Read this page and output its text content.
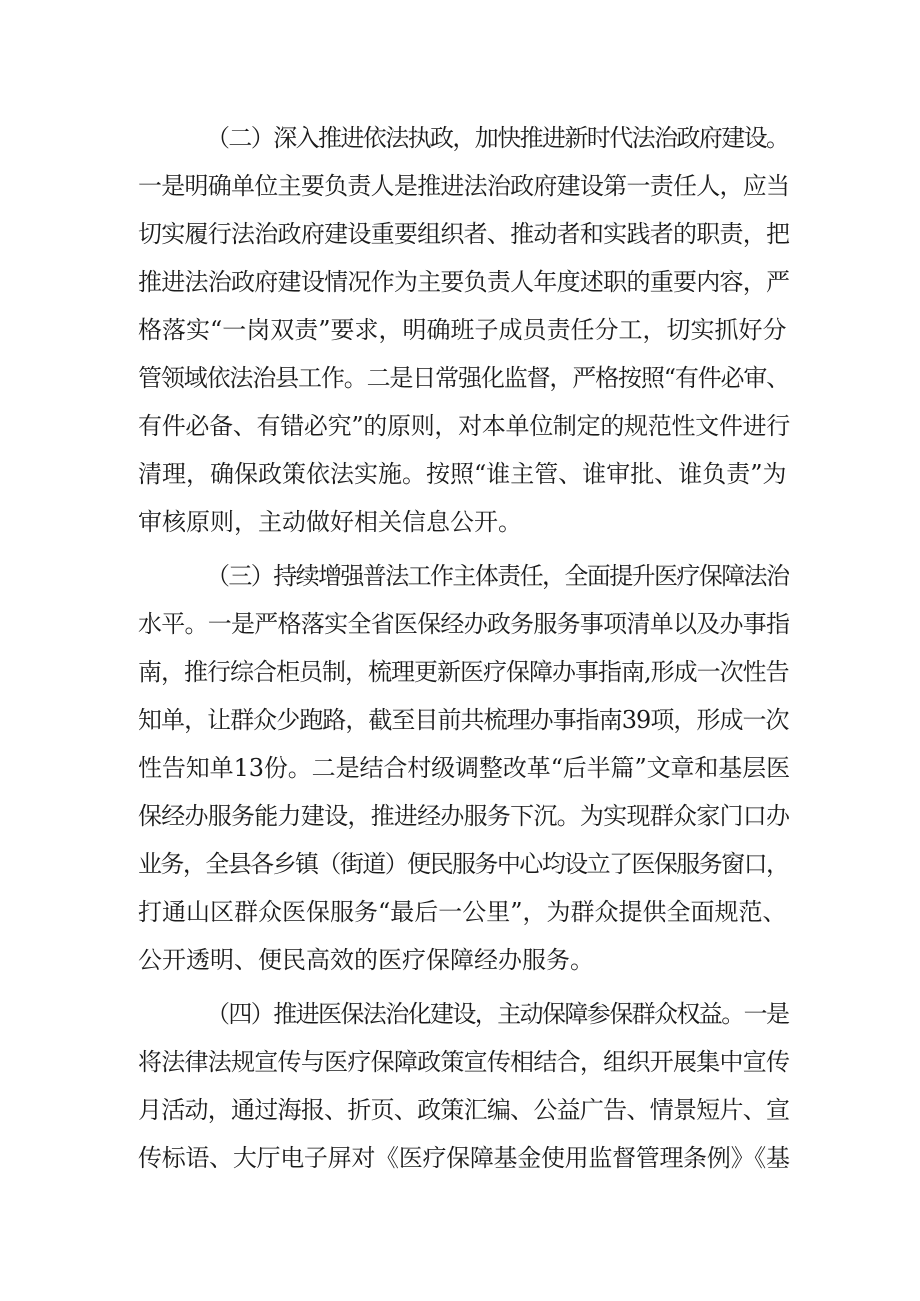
（二）深入推进依法执政，加快推进新时代法治政府建设。
一是明确单位主要负责人是推进法治政府建设第一责任人，应当
切实履行法治政府建设重要组织者、推动者和实践者的职责，把
推进法治政府建设情况作为主要负责人年度述职的重要内容，严
格落实“一岗双责”要求，明确班子成员责任分工，切实抓好分
管领域依法治县工作。二是日常强化监督，严格按照“有件必审、
有件必备、有错必究”的原则，对本单位制定的规范性文件进行
清理，确保政策依法实施。按照“谁主管、谁审批、谁负责”为
审核原则，主动做好相关信息公开。
（三）持续增强普法工作主体责任，全面提升医疗保障法治
水平。一是严格落实全省医保经办政务服务事项清单以及办事指
南，推行综合柜员制，梳理更新医疗保障办事指南,形成一次性告
知单，让群众少跑路，截至目前共梳理办事指南39项，形成一次
性告知单13份。二是结合村级调整改革“后半篇”文章和基层医
保经办服务能力建设，推进经办服务下沉。为实现群众家门口办
业务，全县各乡镇（街道）便民服务中心均设立了医保服务窗口，
打通山区群众医保服务“最后一公里”，为群众提供全面规范、
公开透明、便民高效的医疗保障经办服务。
（四）推进医保法治化建设，主动保障参保群众权益。一是
将法律法规宣传与医疗保障政策宣传相结合，组织开展集中宣传
月活动，通过海报、折页、政策汇编、公益广告、情景短片、宣
传标语、大厅电子屏对《医疗保障基金使用监督管理条例》《基
